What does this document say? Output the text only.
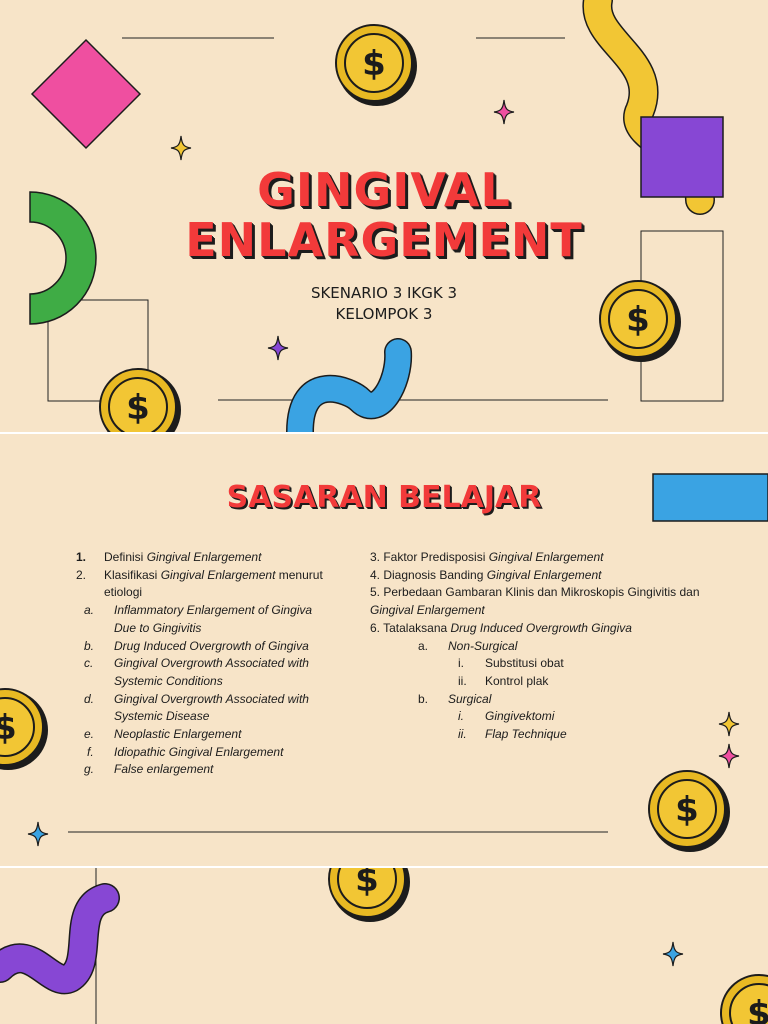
GINGIVAL
ENLARGEMENT
SKENARIO 3 IKGK 3
KELOMPOK 3
SASARAN BELAJAR
1. Definisi Gingival Enlargement
2. Klasifikasi Gingival Enlargement menurut etiologi
a. Inflammatory Enlargement of Gingiva Due to Gingivitis
b. Drug Induced Overgrowth of Gingiva
c. Gingival Overgrowth Associated with Systemic Conditions
d. Gingival Overgrowth Associated with Systemic Disease
e. Neoplastic Enlargement
f. Idiopathic Gingival Enlargement
g. False enlargement
3. Faktor Predisposisi Gingival Enlargement
4. Diagnosis Banding Gingival Enlargement
5. Perbedaan Gambaran Klinis dan Mikroskopis Gingivitis dan Gingival Enlargement
6. Tatalaksana Drug Induced Overgrowth Gingiva
a. Non-Surgical
i. Substitusi obat
ii. Kontrol plak
b. Surgical
i. Gingivektomi
ii. Flap Technique
